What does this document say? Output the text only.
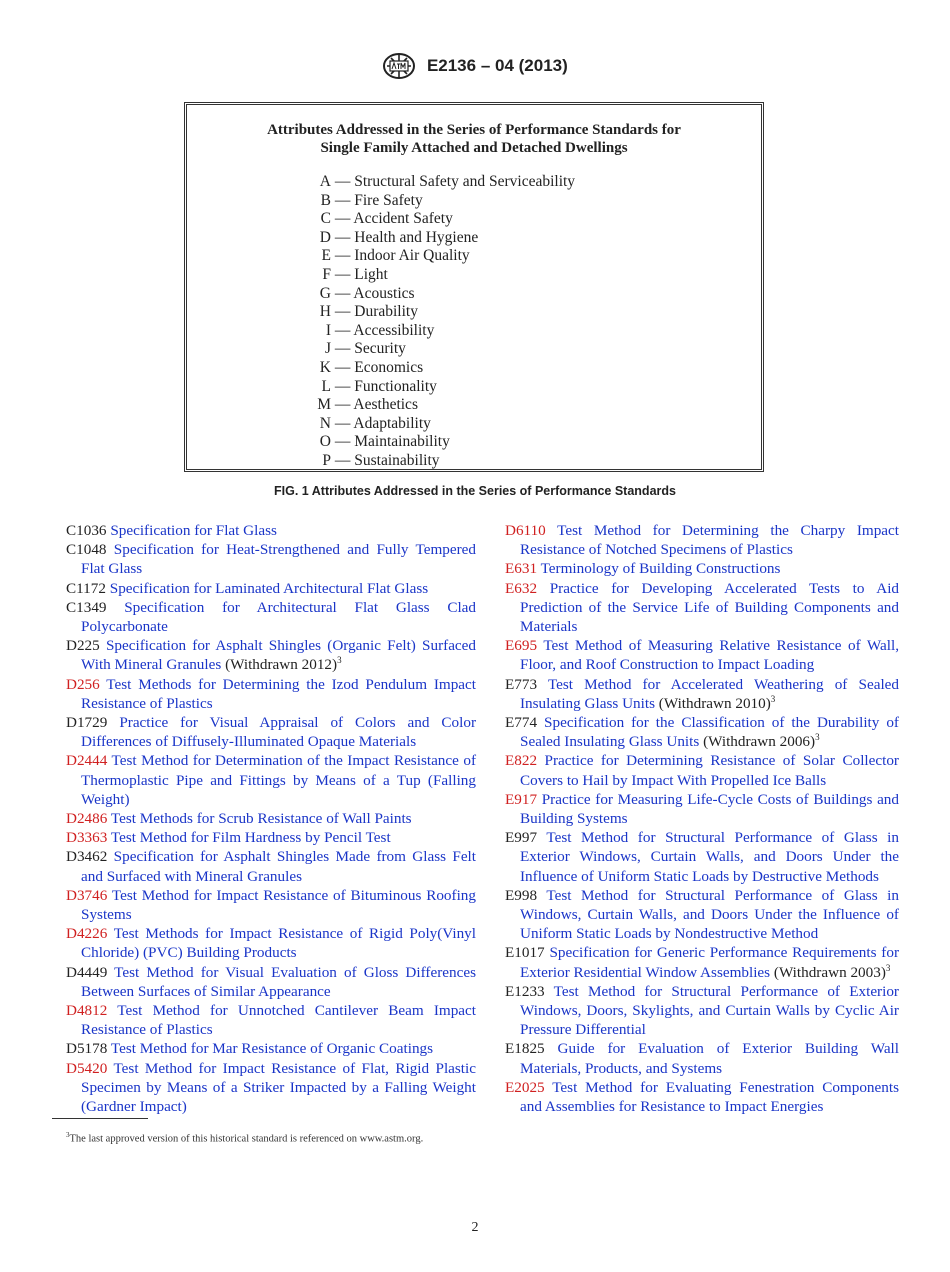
E2136 – 04 (2013)
Attributes Addressed in the Series of Performance Standards for
Single Family Attached and Detached Dwellings
A — Structural Safety and Serviceability
B — Fire Safety
C — Accident Safety
D — Health and Hygiene
E — Indoor Air Quality
F — Light
G — Acoustics
H — Durability
I — Accessibility
J — Security
K — Economics
L — Functionality
M — Aesthetics
N — Adaptability
O — Maintainability
P — Sustainability
FIG. 1 Attributes Addressed in the Series of Performance Standards
C1036 Specification for Flat Glass
C1048 Specification for Heat-Strengthened and Fully Tempered Flat Glass
C1172 Specification for Laminated Architectural Flat Glass
C1349 Specification for Architectural Flat Glass Clad Polycarbonate
D225 Specification for Asphalt Shingles (Organic Felt) Surfaced With Mineral Granules (Withdrawn 2012)$^3$
D256 Test Methods for Determining the Izod Pendulum Impact Resistance of Plastics
D1729 Practice for Visual Appraisal of Colors and Color Differences of Diffusely-Illuminated Opaque Materials
D2444 Test Method for Determination of the Impact Resistance of Thermoplastic Pipe and Fittings by Means of a Tup (Falling Weight)
D2486 Test Methods for Scrub Resistance of Wall Paints
D3363 Test Method for Film Hardness by Pencil Test
D3462 Specification for Asphalt Shingles Made from Glass Felt and Surfaced with Mineral Granules
D3746 Test Method for Impact Resistance of Bituminous Roofing Systems
D4226 Test Methods for Impact Resistance of Rigid Poly(Vinyl Chloride) (PVC) Building Products
D4449 Test Method for Visual Evaluation of Gloss Differences Between Surfaces of Similar Appearance
D4812 Test Method for Unnotched Cantilever Beam Impact Resistance of Plastics
D5178 Test Method for Mar Resistance of Organic Coatings
D5420 Test Method for Impact Resistance of Flat, Rigid Plastic Specimen by Means of a Striker Impacted by a Falling Weight (Gardner Impact)
D6110 Test Method for Determining the Charpy Impact Resistance of Notched Specimens of Plastics
E631 Terminology of Building Constructions
E632 Practice for Developing Accelerated Tests to Aid Prediction of the Service Life of Building Components and Materials
E695 Test Method of Measuring Relative Resistance of Wall, Floor, and Roof Construction to Impact Loading
E773 Test Method for Accelerated Weathering of Sealed Insulating Glass Units (Withdrawn 2010)$^3$
E774 Specification for the Classification of the Durability of Sealed Insulating Glass Units (Withdrawn 2006)$^3$
E822 Practice for Determining Resistance of Solar Collector Covers to Hail by Impact With Propelled Ice Balls
E917 Practice for Measuring Life-Cycle Costs of Buildings and Building Systems
E997 Test Method for Structural Performance of Glass in Exterior Windows, Curtain Walls, and Doors Under the Influence of Uniform Static Loads by Destructive Methods
E998 Test Method for Structural Performance of Glass in Windows, Curtain Walls, and Doors Under the Influence of Uniform Static Loads by Nondestructive Method
E1017 Specification for Generic Performance Requirements for Exterior Residential Window Assemblies (Withdrawn 2003)$^3$
E1233 Test Method for Structural Performance of Exterior Windows, Doors, Skylights, and Curtain Walls by Cyclic Air Pressure Differential
E1825 Guide for Evaluation of Exterior Building Wall Materials, Products, and Systems
E2025 Test Method for Evaluating Fenestration Components and Assemblies for Resistance to Impact Energies
$^3$The last approved version of this historical standard is referenced on www.astm.org.
2
